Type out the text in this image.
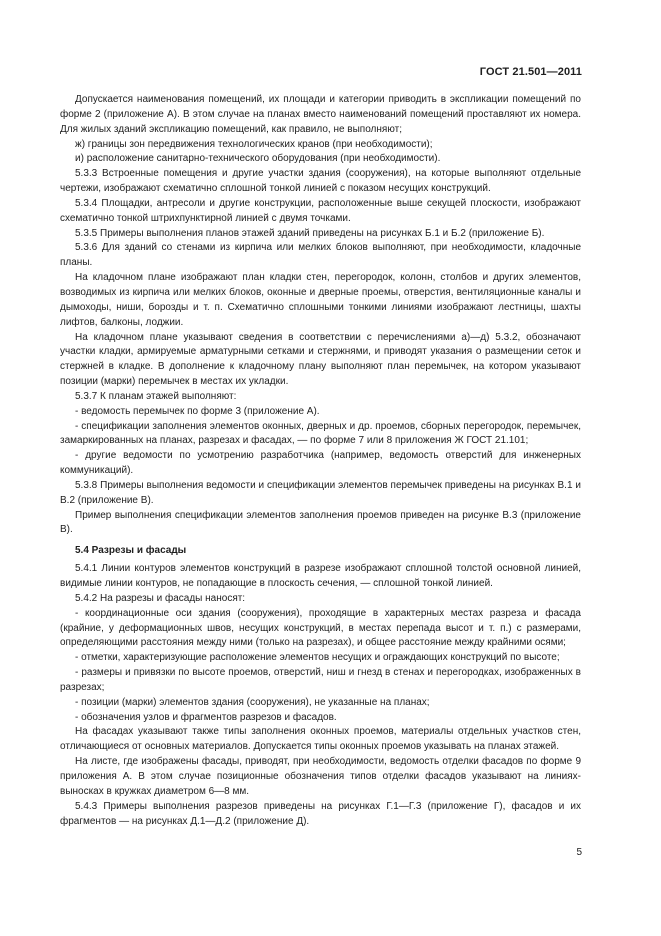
ГОСТ 21.501—2011

Допускается наименования помещений, их площади и категории приводить в экспликации помещений по форме 2 (приложение А). В этом случае на планах вместо наименований помещений проставляют их номера. Для жилых зданий экспликацию помещений, как правило, не выполняют;

ж) границы зон передвижения технологических кранов (при необходимости);

и) расположение санитарно-технического оборудования (при необходимости).

5.3.3 Встроенные помещения и другие участки здания (сооружения), на которые выполняют отдельные чертежи, изображают схематично сплошной тонкой линией с показом несущих конструкций.

5.3.4 Площадки, антресоли и другие конструкции, расположенные выше секущей плоскости, изображают схематично тонкой штрихпунктирной линией с двумя точками.

5.3.5 Примеры выполнения планов этажей зданий приведены на рисунках Б.1 и Б.2 (приложение Б).

5.3.6 Для зданий со стенами из кирпича или мелких блоков выполняют, при необходимости, кладочные планы.

На кладочном плане изображают план кладки стен, перегородок, колонн, столбов и других элементов, возводимых из кирпича или мелких блоков, оконные и дверные проемы, отверстия, вентиляционные каналы и дымоходы, ниши, борозды и т. п. Схематично сплошными тонкими линиями изображают лестницы, шахты лифтов, балконы, лоджии.

На кладочном плане указывают сведения в соответствии с перечислениями а)—д) 5.3.2, обозначают участки кладки, армируемые арматурными сетками и стержнями, и приводят указания о размещении сеток и стержней в кладке. В дополнение к кладочному плану выполняют план перемычек, на котором указывают позиции (марки) перемычек в местах их укладки.

5.3.7 К планам этажей выполняют:

- ведомость перемычек по форме 3 (приложение А).

- спецификации заполнения элементов оконных, дверных и др. проемов, сборных перегородок, перемычек, замаркированных на планах, разрезах и фасадах, — по форме 7 или 8 приложения Ж ГОСТ 21.101;

- другие ведомости по усмотрению разработчика (например, ведомость отверстий для инженерных коммуникаций).

5.3.8 Примеры выполнения ведомости и спецификации элементов перемычек приведены на рисунках В.1 и В.2 (приложение В).

Пример выполнения спецификации элементов заполнения проемов приведен на рисунке В.3 (приложение В).

5.4 Разрезы и фасады

5.4.1 Линии контуров элементов конструкций в разрезе изображают сплошной толстой основной линией, видимые линии контуров, не попадающие в плоскость сечения, — сплошной тонкой линией.

5.4.2 На разрезы и фасады наносят:

- координационные оси здания (сооружения), проходящие в характерных местах разреза и фасада (крайние, у деформационных швов, несущих конструкций, в местах перепада высот и т. п.) с размерами, определяющими расстояния между ними (только на разрезах), и общее расстояние между крайними осями;

- отметки, характеризующие расположение элементов несущих и ограждающих конструкций по высоте;

- размеры и привязки по высоте проемов, отверстий, ниш и гнезд в стенах и перегородках, изображенных в разрезах;

- позиции (марки) элементов здания (сооружения), не указанные на планах;

- обозначения узлов и фрагментов разрезов и фасадов.

На фасадах указывают также типы заполнения оконных проемов, материалы отдельных участков стен, отличающиеся от основных материалов. Допускается типы оконных проемов указывать на планах этажей.

На листе, где изображены фасады, приводят, при необходимости, ведомость отделки фасадов по форме 9 приложения А. В этом случае позиционные обозначения типов отделки фасадов указывают на линиях-выносках в кружках диаметром 6—8 мм.

5.4.3 Примеры выполнения разрезов приведены на рисунках Г.1—Г.3 (приложение Г), фасадов и их фрагментов — на рисунках Д.1—Д.2 (приложение Д).

5
